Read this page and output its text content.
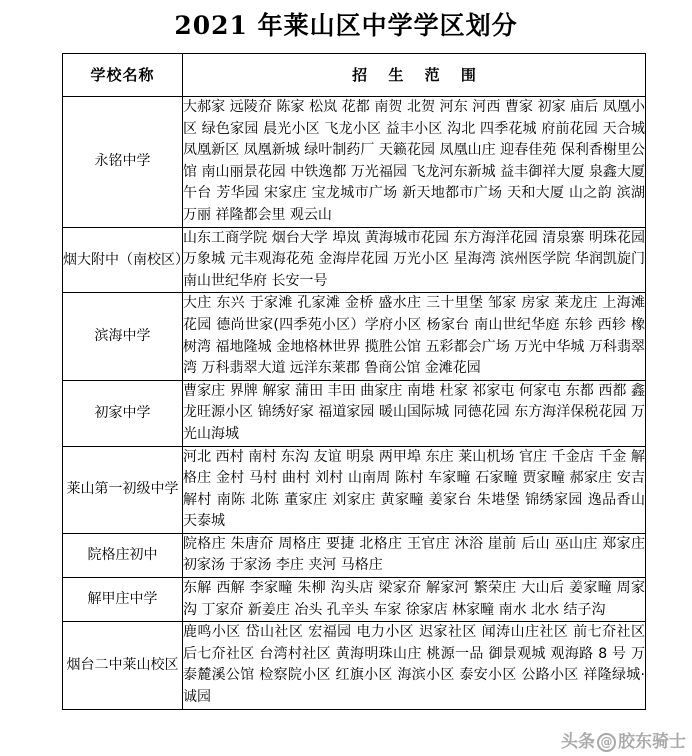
2021 年莱山区中学学区划分
学校名称	招 生 范 围
永铭中学	大郝家 远陵夼 陈家 松岚 花都 南贺 北贺 河东 河西 曹家 初家 庙后 凤凰小区 绿色家园 晨光小区 飞龙小区 益丰小区 沟北 四季花城 府前花园 天合城 凤凰新区 凤凰新城 绿叶制药厂 天籁花园 凤凰山庄 迎春佳苑 保利香榭里公馆 南山丽景花园 中铁逸都 万光福园 飞龙河东新城 益丰御祥大厦 泉鑫大厦 午台 芳华园 宋家庄 宝龙城市广场 新天地都市广场 天和大厦 山之韵 滨湖万丽 祥隆都会里 观云山
烟大附中（南校区）	山东工商学院 烟台大学 埠岚 黄海城市花园 东方海洋花园 清泉寨 明珠花园 万象城 元丰观海花苑 金海岸花园 万光小区 星海湾 滨州医学院 华润凯旋门 南山世纪华府 长安一号
滨海中学	大庄 东兴 于家滩 孔家滩 金桥 盛水庄 三十里堡 邹家 房家 莱龙庄 上海滩花园 德尚世家(四季苑小区）学府小区 杨家台 南山世纪华庭 东轸 西轸 橡树湾 福地隆城 金地格林世界 揽胜公馆 五彩都会广场 万光中华城 万科翡翠湾 万科翡翠大道 远洋东莱郡 鲁商公馆 金滩花园
初家中学	曹家庄 界牌 解家 蒲田 丰田 曲家庄 南塂 杜家 祁家屯 何家屯 东都 西都 鑫龙旺源小区 锦绣好家 福道家园 暖山国际城 同德花园 东方海洋保税花园 万光山海城
莱山第一初级中学	河北 西村 南村 东沟 友谊 明泉 两甲埠 东庄 莱山机场 官庄 千金店 千金 解格庄 金村 马村 曲村 刘村 山南周 陈村 车家疃 石家疃 贾家疃 郝家庄 安吉 解村 南陈 北陈 董家庄 刘家庄 黄家疃 姜家台 朱塂堡 锦绣家园 逸品香山 天泰城
院格庄初中	院格庄 朱唐夼 周格庄 要捷 北格庄 王官庄 沐浴 崖前 后山 巫山庄 郑家庄 初家汤 于家汤 李庄 夹河 马格庄
解甲庄中学	东解 西解 李家疃 朱柳 沟头店 梁家夼 解家河 繁荣庄 大山后 姜家疃 周家沟 丁家夼 新姜庄 冶头 孔辛头 车家 徐家店 林家疃 南水 北水 结子沟
烟台二中莱山校区	鹿鸣小区 岱山社区 宏福园 电力小区 迟家社区 闻涛山庄社区 前七夼社区 后七夼社区 台湾村社区 黄海明珠山庄 桃源一品 御景观城 观海路 8 号 万泰麓溪公馆 检察院小区 红旗小区 海滨小区 泰安小区 公路小区 祥隆绿城·诚园
头条 @ 胶东骑士
